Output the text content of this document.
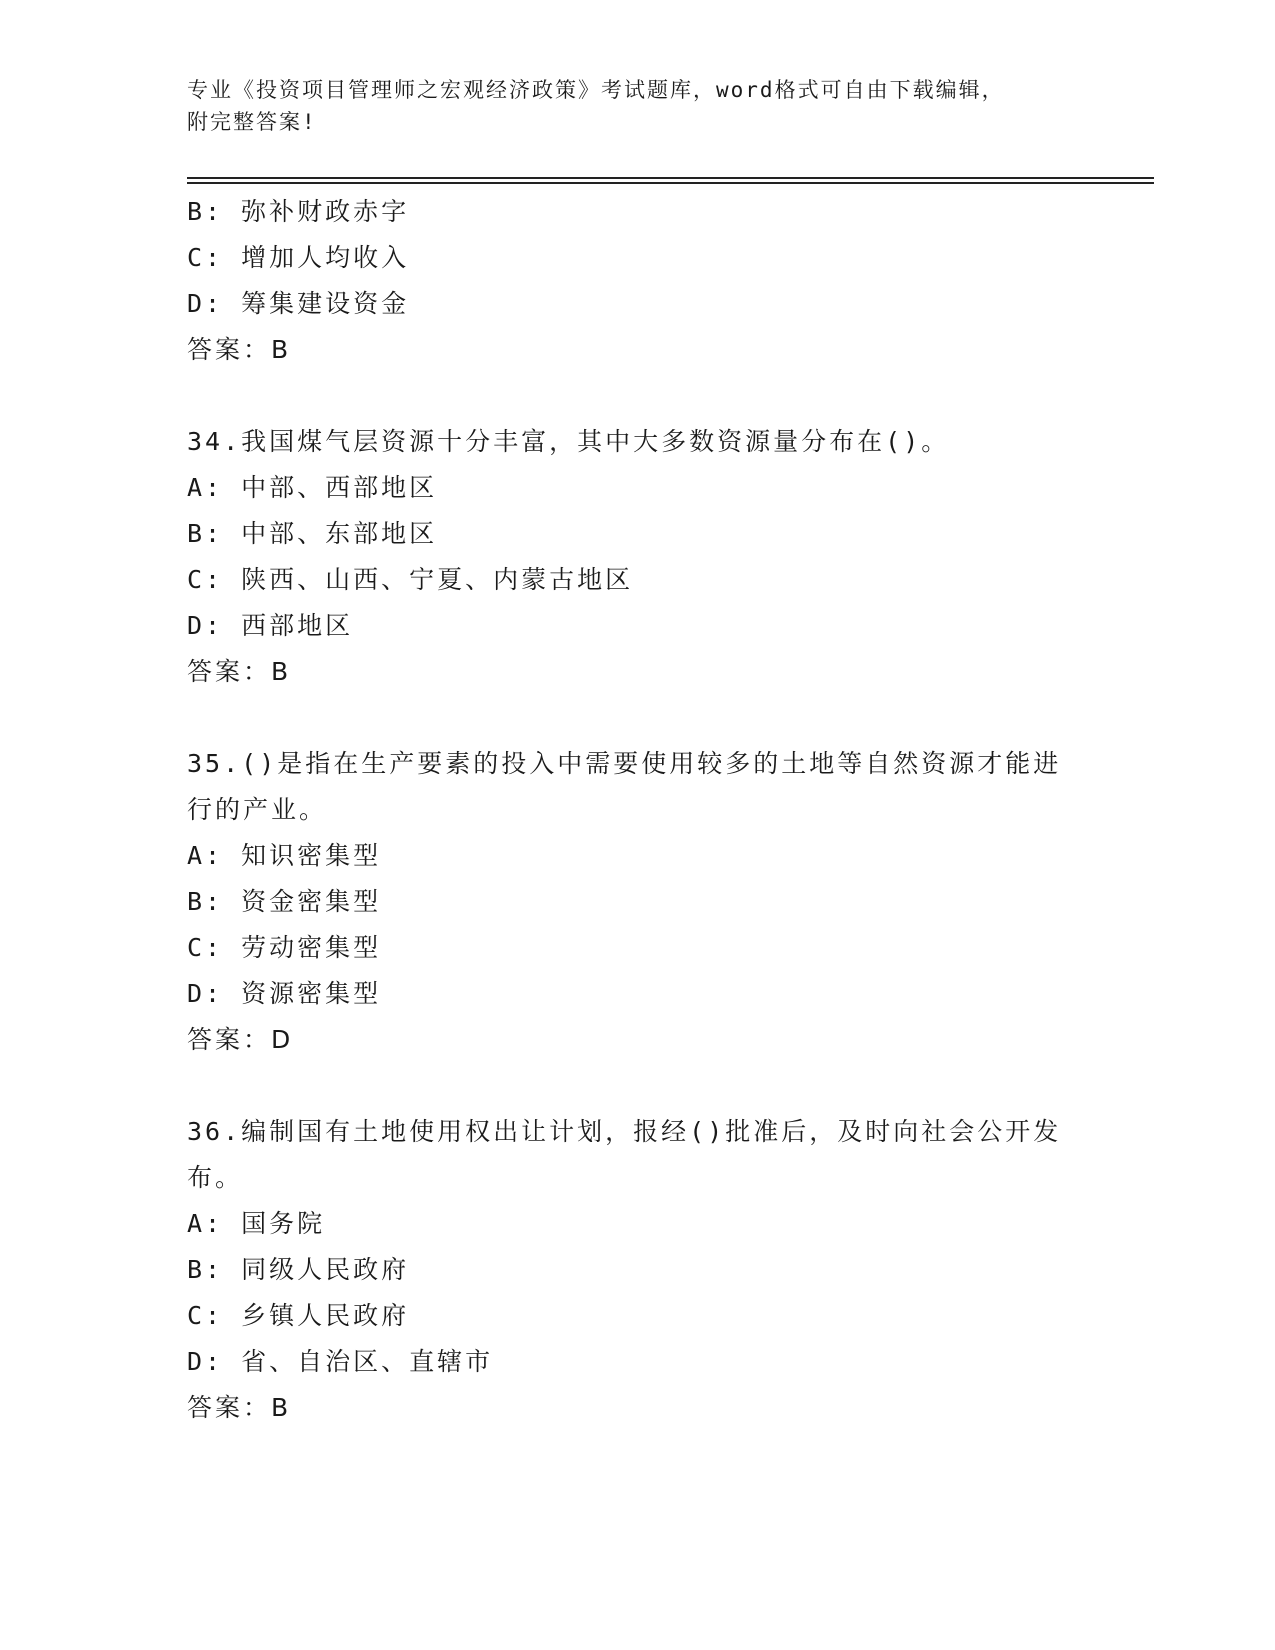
专业《投资项目管理师之宏观经济政策》考试题库，word格式可自由下载编辑，
附完整答案!
B: 弥补财政赤字
C: 增加人均收入
D: 筹集建设资金
答案：B
34.我国煤气层资源十分丰富，其中大多数资源量分布在()。
A: 中部、西部地区
B: 中部、东部地区
C: 陕西、山西、宁夏、内蒙古地区
D: 西部地区
答案：B
35.()是指在生产要素的投入中需要使用较多的土地等自然资源才能进
行的产业。
A: 知识密集型
B: 资金密集型
C: 劳动密集型
D: 资源密集型
答案：D
36.编制国有土地使用权出让计划，报经()批准后，及时向社会公开发
布。
A: 国务院
B: 同级人民政府
C: 乡镇人民政府
D: 省、自治区、直辖市
答案：B
